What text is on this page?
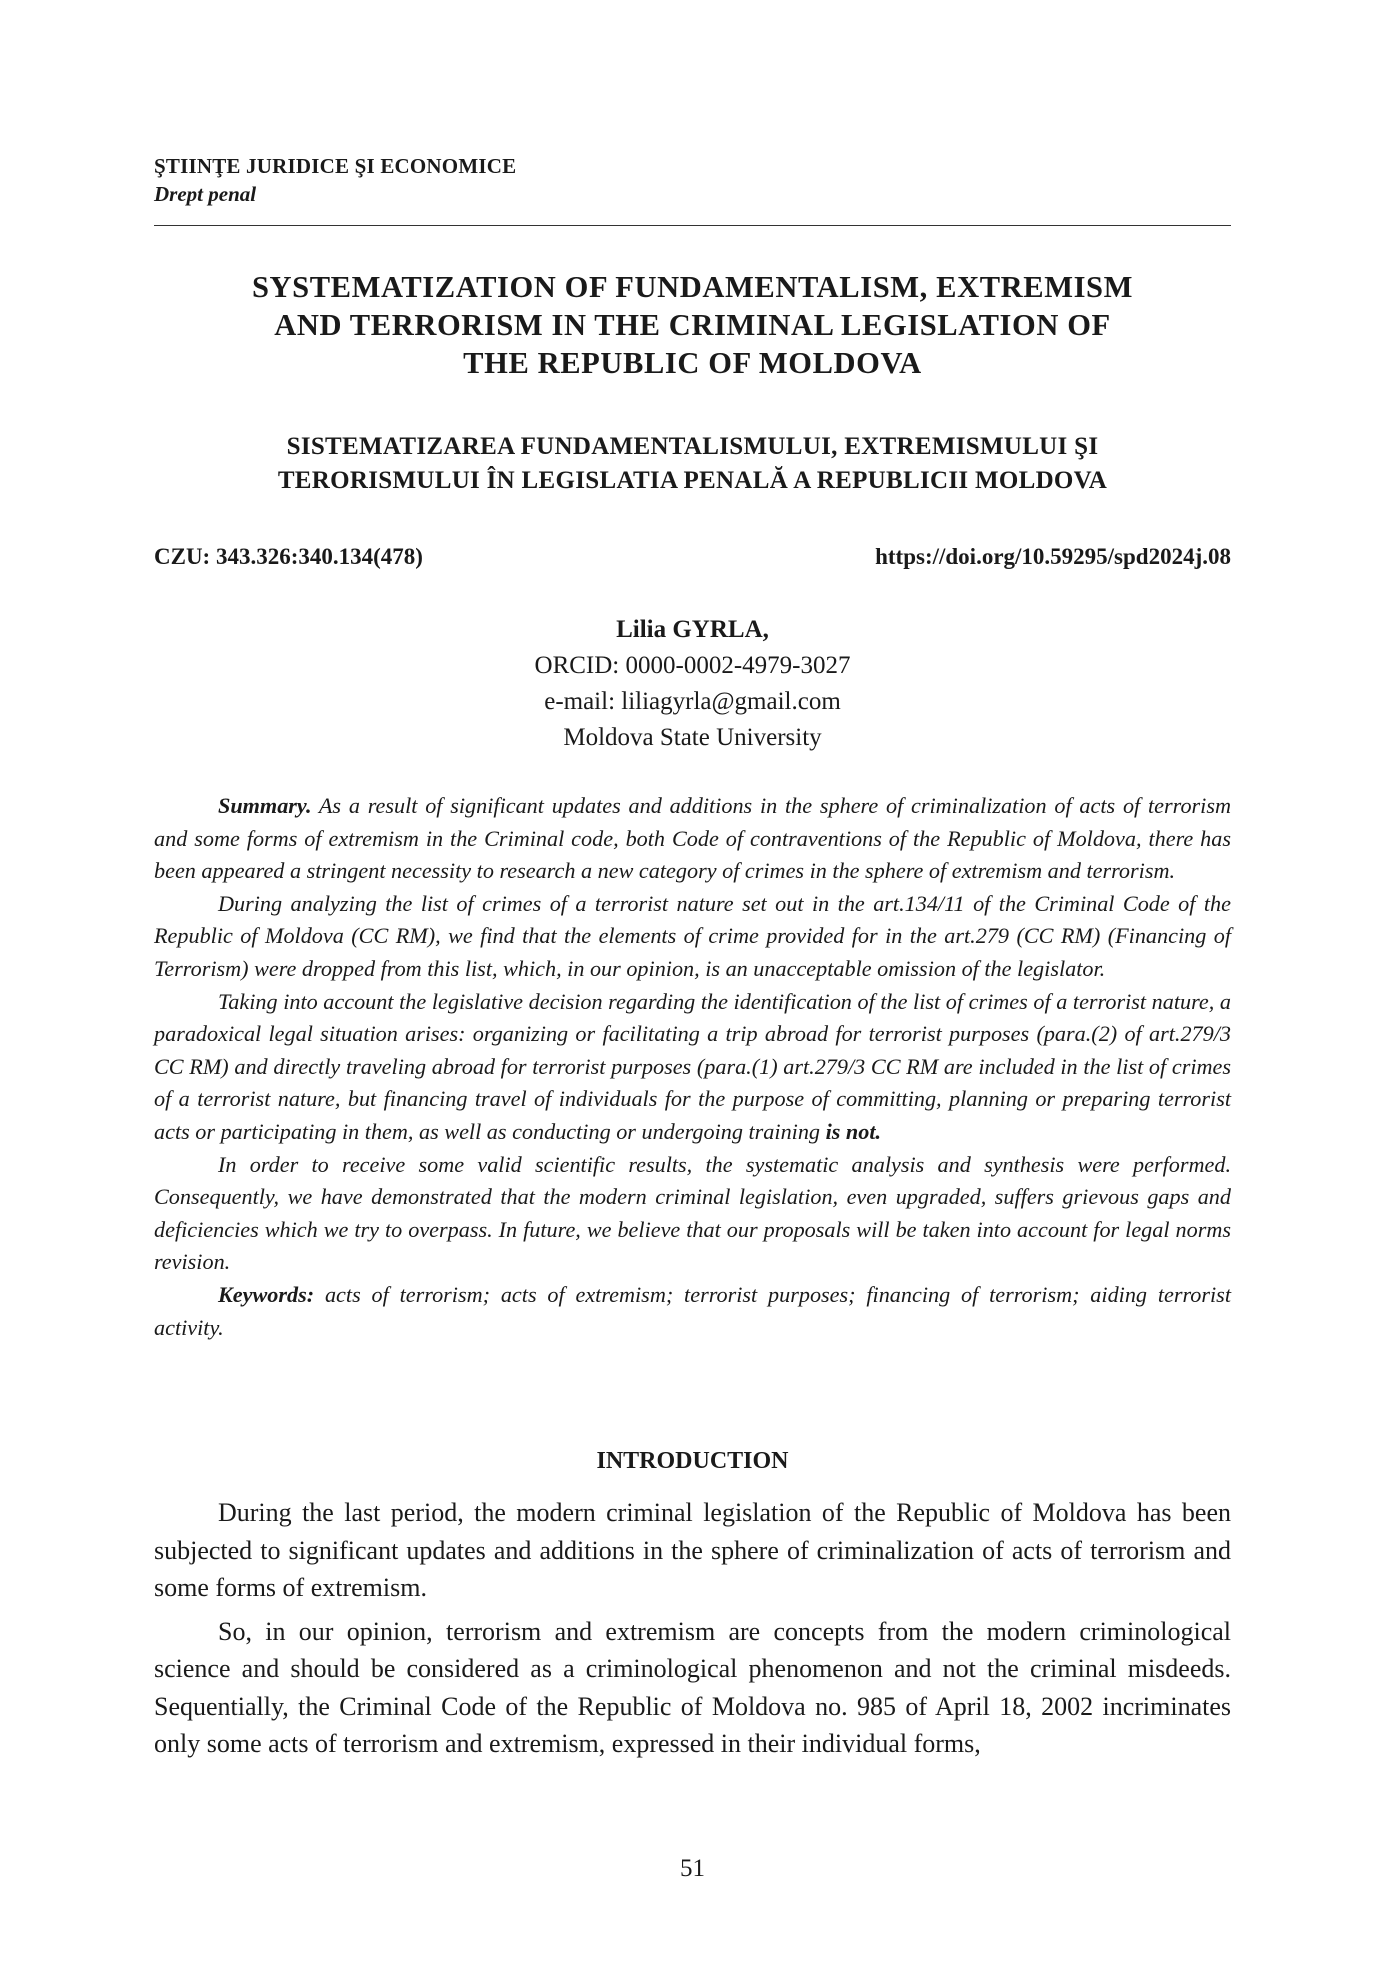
ŞTIINŢE JURIDICE ŞI ECONOMICE
Drept penal
SYSTEMATIZATION OF FUNDAMENTALISM, EXTREMISM
AND TERRORISM IN THE CRIMINAL LEGISLATION OF
THE REPUBLIC OF MOLDOVA
SISTEMATIZAREA FUNDAMENTALISMULUI, EXTREMISMULUI ŞI
TERORISMULUI ÎN LEGISLATIA PENALĂ A REPUBLICII MOLDOVA
CZU: 343.326:340.134(478)	https://doi.org/10.59295/spd2024j.08
Lilia GYRLA,
ORCID: 0000-0002-4979-3027
e-mail: liliagyrla@gmail.com
Moldova State University

Summary. As a result of significant updates and additions in the sphere of criminalization of acts of terrorism and some forms of extremism in the Criminal code, both Code of contraventions of the Republic of Moldova, there has been appeared a stringent necessity to research a new category of crimes in the sphere of extremism and terrorism.

During analyzing the list of crimes of a terrorist nature set out in the art.134/11 of the Criminal Code of the Republic of Moldova (CC RM), we find that the elements of crime provided for in the art.279 (CC RM) (Financing of Terrorism) were dropped from this list, which, in our opinion, is an unacceptable omission of the legislator.

Taking into account the legislative decision regarding the identification of the list of crimes of a terrorist nature, a paradoxical legal situation arises: organizing or facilitating a trip abroad for terrorist purposes (para.(2) of art.279/3 CC RM) and directly traveling abroad for terrorist purposes (para.(1) art.279/3 CC RM are included in the list of crimes of a terrorist nature, but financing travel of individuals for the purpose of committing, planning or preparing terrorist acts or participating in them, as well as conducting or undergoing training is not.

In order to receive some valid scientific results, the systematic analysis and synthesis were performed. Consequently, we have demonstrated that the modern criminal legislation, even upgraded, suffers grievous gaps and deficiencies which we try to overpass. In future, we believe that our proposals will be taken into account for legal norms revision.

Keywords: acts of terrorism; acts of extremism; terrorist purposes; financing of terrorism; aiding terrorist activity.

INTRODUCTION

During the last period, the modern criminal legislation of the Republic of Moldova has been subjected to significant updates and additions in the sphere of criminalization of acts of terrorism and some forms of extremism.

So, in our opinion, terrorism and extremism are concepts from the modern criminological science and should be considered as a criminological phenomenon and not the criminal misdeeds. Sequentially, the Criminal Code of the Republic of Moldova no. 985 of April 18, 2002 incriminates only some acts of terrorism and extremism, expressed in their individual forms,

51
